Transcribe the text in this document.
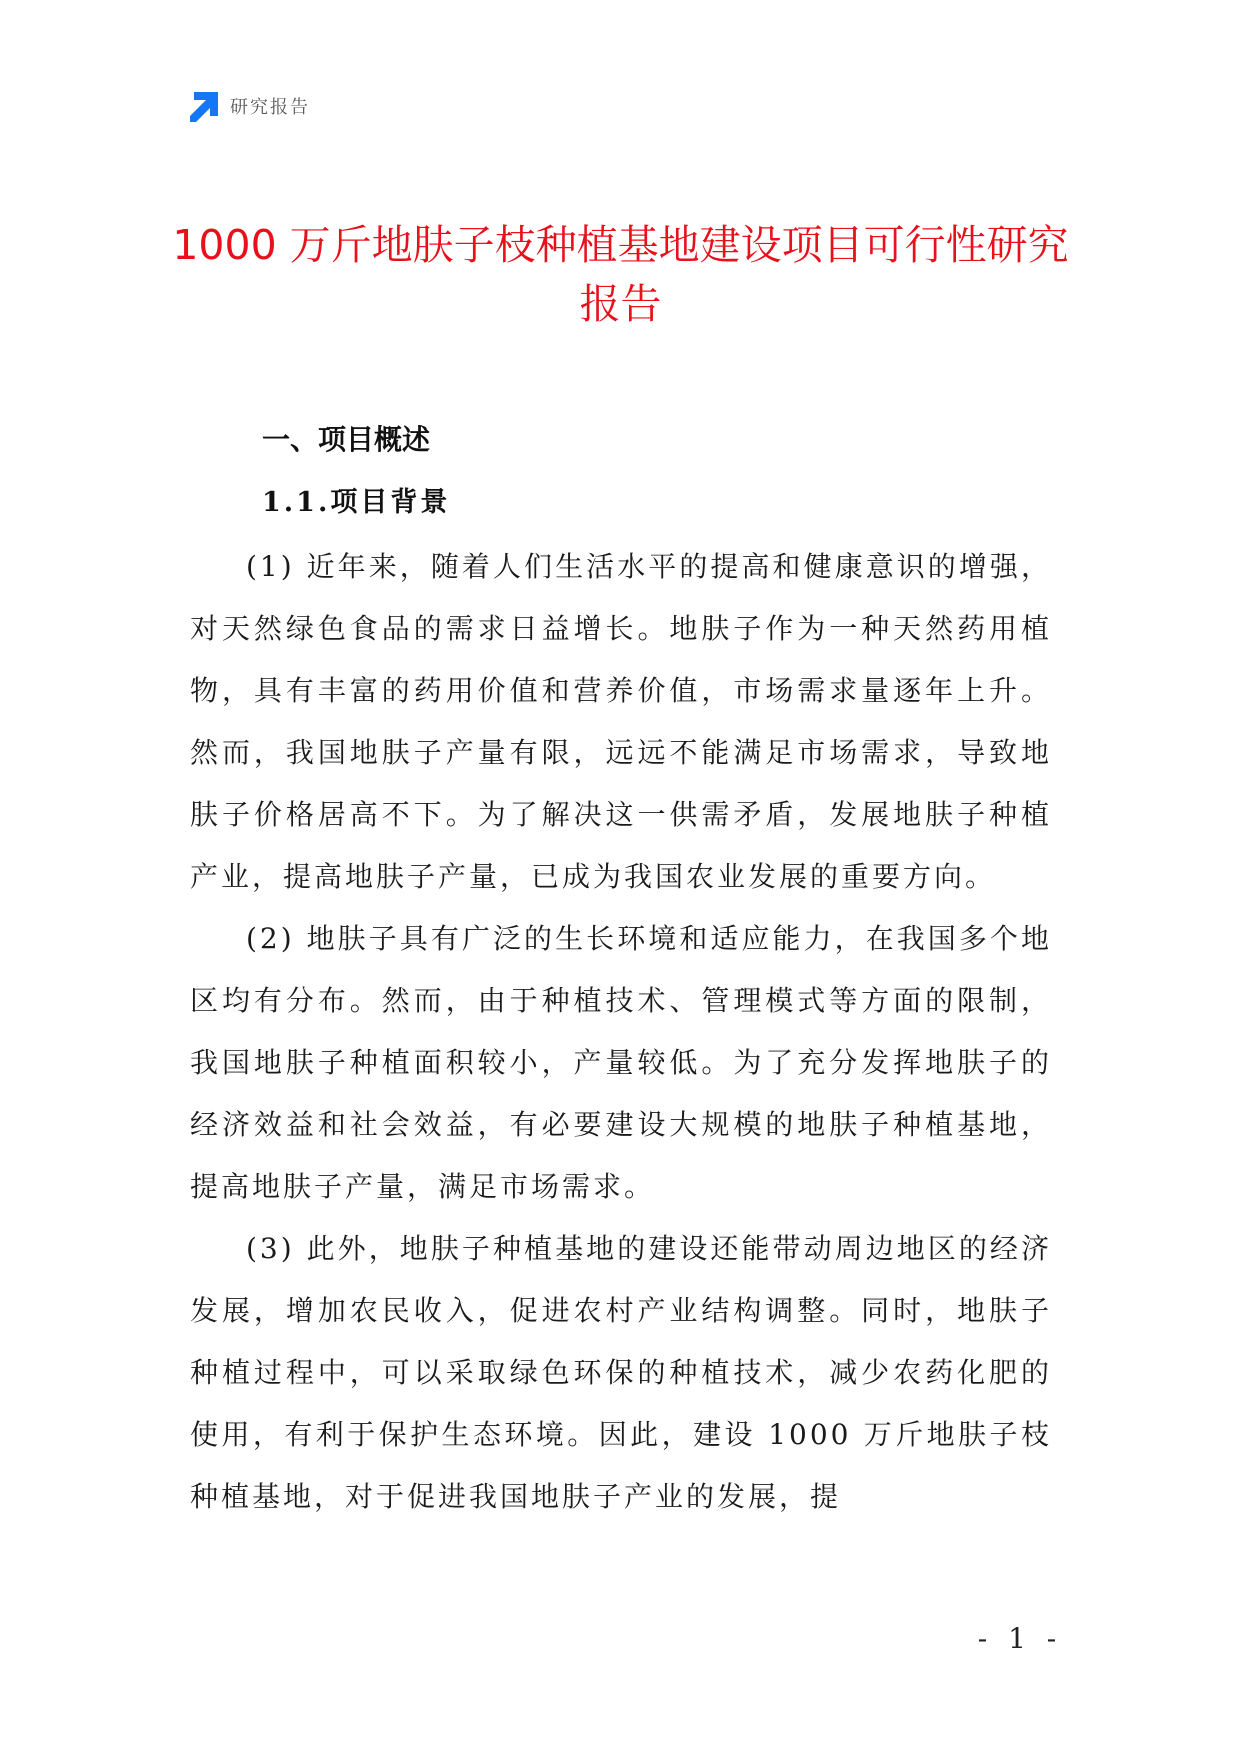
研究报告
1000 万斤地肤子枝种植基地建设项目可行性研究报告
一、项目概述
1.1.项目背景

(1) 近年来，随着人们生活水平的提高和健康意识的增强，对天然绿色食品的需求日益增长。地肤子作为一种天然药用植物，具有丰富的药用价值和营养价值，市场需求量逐年上升。然而，我国地肤子产量有限，远远不能满足市场需求，导致地肤子价格居高不下。为了解决这一供需矛盾，发展地肤子种植产业，提高地肤子产量，已成为我国农业发展的重要方向。

(2) 地肤子具有广泛的生长环境和适应能力，在我国多个地区均有分布。然而，由于种植技术、管理模式等方面的限制，我国地肤子种植面积较小，产量较低。为了充分发挥地肤子的经济效益和社会效益，有必要建设大规模的地肤子种植基地，提高地肤子产量，满足市场需求。

(3) 此外，地肤子种植基地的建设还能带动周边地区的经济发展，增加农民收入，促进农村产业结构调整。同时，地肤子种植过程中，可以采取绿色环保的种植技术，减少农药化肥的使用，有利于保护生态环境。因此，建设 1000 万斤地肤子枝种植基地，对于促进我国地肤子产业的发展，提

- 1 -
